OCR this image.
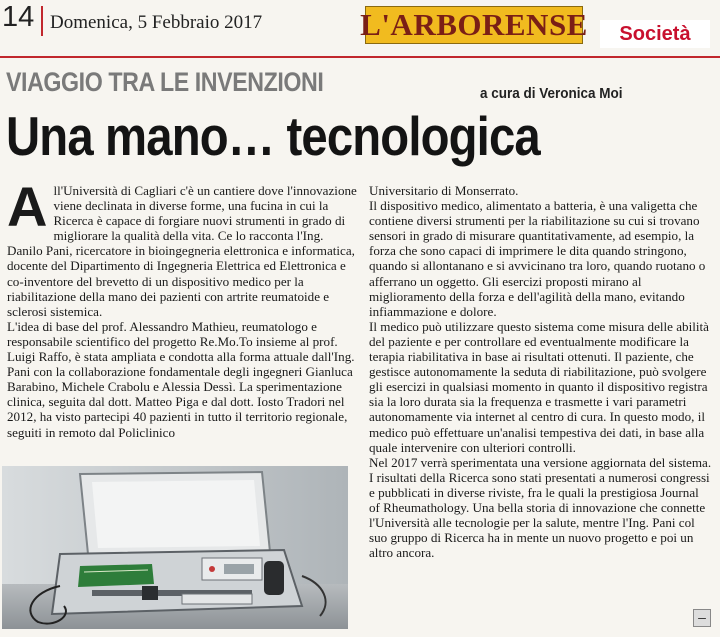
14 Domenica, 5 Febbraio 2017	L'ARBORENSE Società
VIAGGIO TRA LE INVENZIONI	a cura di Veronica Moi
Una mano… tecnologica
A ll'Università di Cagliari c'è un cantiere dove l'innovazione viene declinata in diverse forme, una fucina in cui la Ricerca è capace di forgiare nuovi strumenti in grado di migliorare la qualità della vita. Ce lo racconta l'Ing. Danilo Pani, ricercatore in bioingegneria elettronica e informatica, docente del Dipartimento di Ingegneria Elettrica ed Elettronica e co-inventore del brevetto di un dispositivo medico per la riabilitazione della mano dei pazienti con artrite reumatoide e sclerosi sistemica.

L'idea di base del prof. Alessandro Mathieu, reumatologo e responsabile scientifico del progetto Re.Mo.To insieme al prof. Luigi Raffo, è stata ampliata e condotta alla forma attuale dall'Ing. Pani con la collaborazione fondamentale degli ingegneri Gianluca Barabino, Michele Crabolu e Alessia Dessì. La sperimentazione clinica, seguita dal dott. Matteo Piga e dal dott. Iosto Tradori nel 2012, ha visto partecipi 40 pazienti in tutto il territorio regionale, seguiti in remoto dal Policlinico

Universitario di Monserrato.

Il dispositivo medico, alimentato a batteria, è una valigetta che contiene diversi strumenti per la riabilitazione su cui si trovano sensori in grado di misurare quantitativamente, ad esempio, la forza che sono capaci di imprimere le dita quando stringono, quando si allontanano e si avvicinano tra loro, quando ruotano o afferrano un oggetto. Gli esercizi proposti mirano al miglioramento della forza e dell'agilità della mano, evitando infiammazione e dolore.

Il medico può utilizzare questo sistema come misura delle abilità del paziente e per controllare ed eventualmente modificare la terapia riabilitativa in base ai risultati ottenuti. Il paziente, che gestisce autonomamente la seduta di riabilitazione, può svolgere gli esercizi in qualsiasi momento in quanto il dispositivo registra sia la loro durata sia la frequenza e trasmette i vari parametri autonomamente via internet al centro di cura. In questo modo, il medico può effettuare un'analisi tempestiva dei dati, in base alla quale intervenire con ulteriori controlli.

Nel 2017 verrà sperimentata una versione aggiornata del sistema. I risultati della Ricerca sono stati presentati a numerosi congressi e pubblicati in diverse riviste, fra le quali la prestigiosa Journal of Rheumathology. Una bella storia di innovazione che connette l'Università alle tecnologie per la salute, mentre l'Ing. Pani col suo gruppo di Ricerca ha in mente un nuovo progetto e poi un altro ancora.

–
